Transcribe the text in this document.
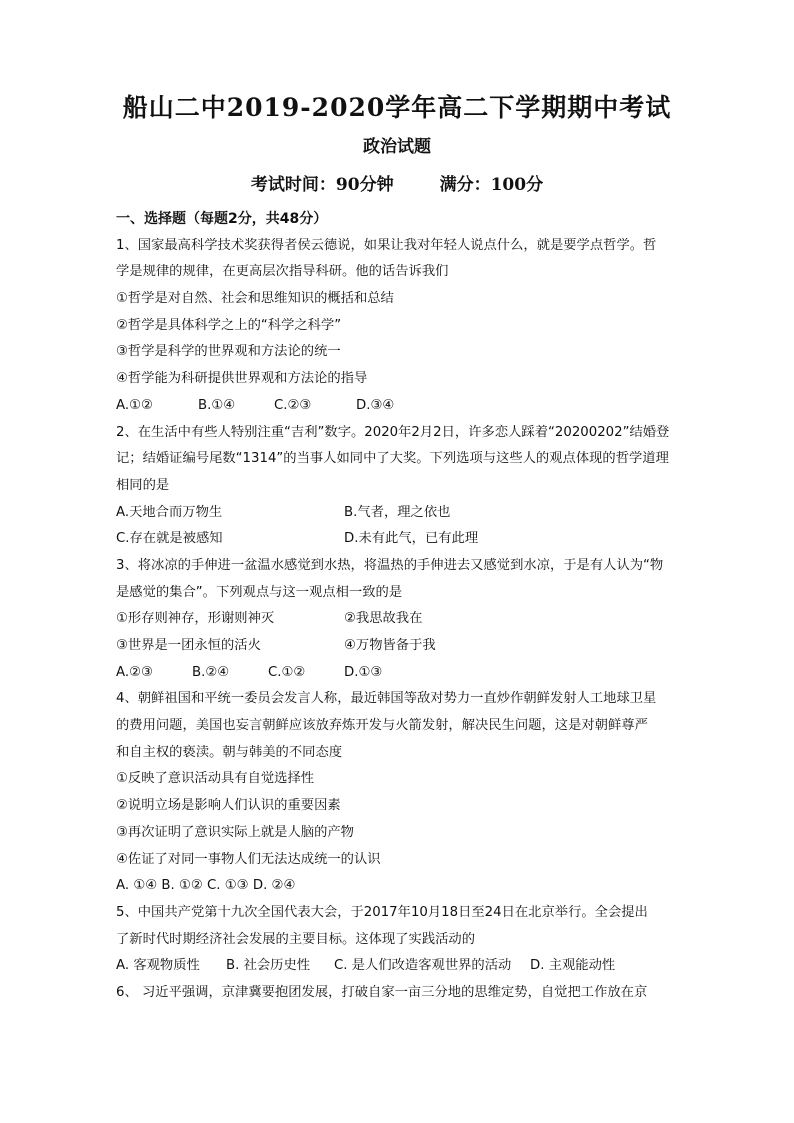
船山二中2019-2020学年高二下学期期中考试
政治试题
考试时间：90分钟	满分：100分
一、选择题（每题2分，共48分）
1、国家最高科学技术奖获得者侯云德说，如果让我对年轻人说点什么，就是要学点哲学。哲
学是规律的规律，在更高层次指导科研。他的话告诉我们
①哲学是对自然、社会和思维知识的概括和总结
②哲学是具体科学之上的“科学之科学”
③哲学是科学的世界观和方法论的统一
④哲学能为科研提供世界观和方法论的指导
A.①②	B.①④	C.②③	D.③④
2、在生活中有些人特别注重“吉利”数字。2020年2月2日，许多恋人踩着“20200202”结婚登
记；结婚证编号尾数“1314”的当事人如同中了大奖。下列选项与这些人的观点体现的哲学道理
相同的是
A.天地合而万物生	B.气者，理之依也
C.存在就是被感知	D.未有此气，已有此理
3、将冰凉的手伸进一盆温水感觉到水热，将温热的手伸进去又感觉到水凉，于是有人认为“物
是感觉的集合”。下列观点与这一观点相一致的是
①形存则神存，形谢则神灭	②我思故我在
③世界是一团永恒的活火	④万物皆备于我
A.②③	B.②④	C.①②	D.①③
4、朝鲜祖国和平统一委员会发言人称，最近韩国等敌对势力一直炒作朝鲜发射人工地球卫星
的费用问题，美国也妄言朝鲜应该放弃炼开发与火箭发射，解决民生问题，这是对朝鲜尊严
和自主权的亵渎。朝与韩美的不同态度
①反映了意识活动具有自觉选择性
②说明立场是影响人们认识的重要因素
③再次证明了意识实际上就是人脑的产物
④佐证了对同一事物人们无法达成统一的认识
A. ①④ B. ①② C. ①③ D. ②④
5、中国共产党第十九次全国代表大会，于2017年10月18日至24日在北京举行。全会提出
了新时代时期经济社会发展的主要目标。这体现了实践活动的
A. 客观物质性 B. 社会历史性 C. 是人们改造客观世界的活动 D. 主观能动性
6、 习近平强调，京津冀要抱团发展，打破自家一亩三分地的思维定势，自觉把工作放在京
